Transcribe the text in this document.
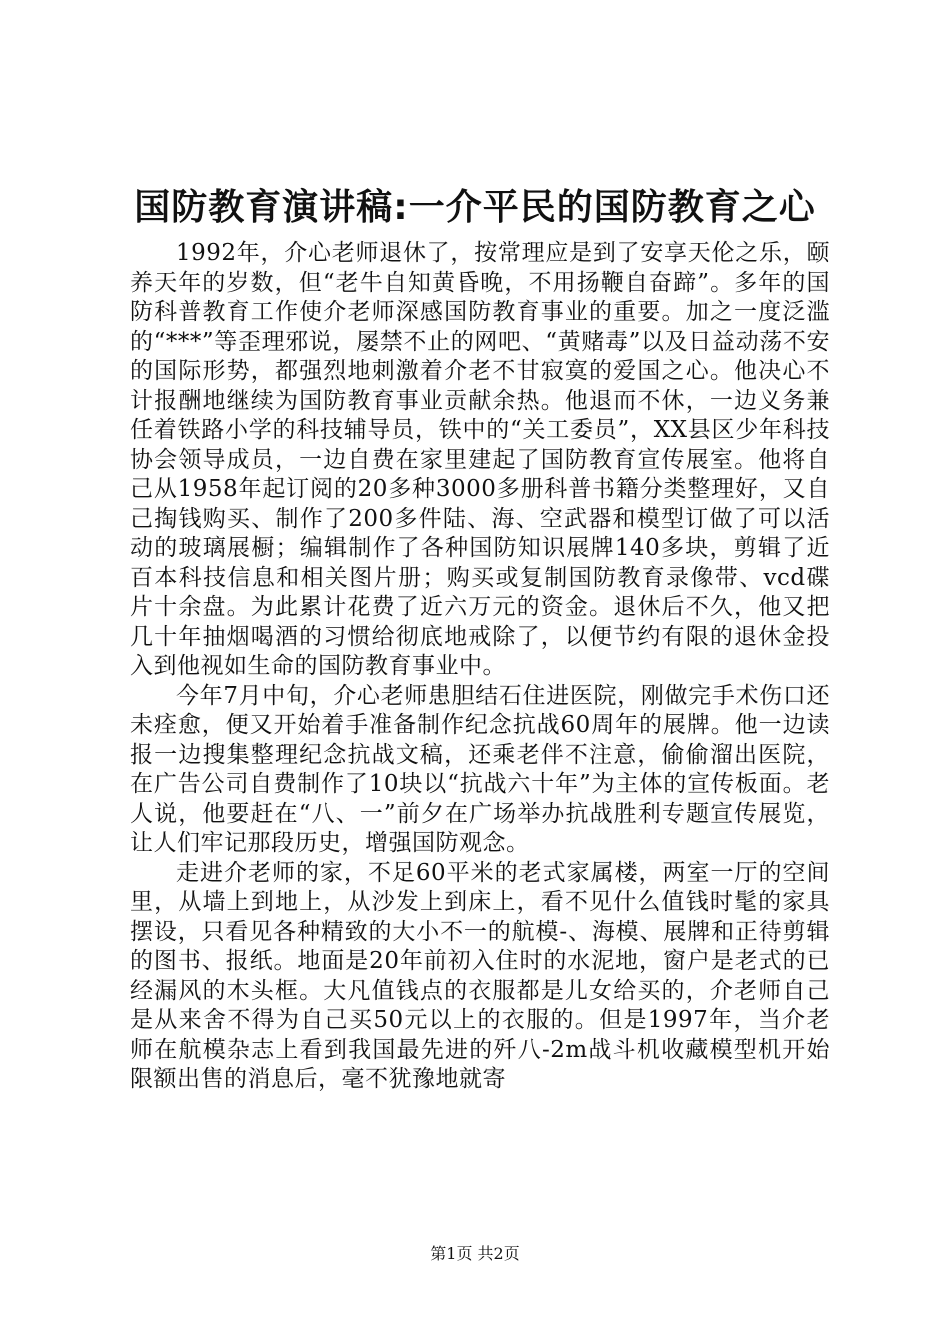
国防教育演讲稿:一介平民的国防教育之心

1992年，介心老师退休了，按常理应是到了安享天伦之乐，颐养天年的岁数，但“老牛自知黄昏晚，不用扬鞭自奋蹄”。多年的国防科普教育工作使介老师深感国防教育事业的重要。加之一度泛滥的“***”等歪理邪说，屡禁不止的网吧、“黄赌毒”以及日益动荡不安的国际形势，都强烈地刺激着介老不甘寂寞的爱国之心。他决心不计报酬地继续为国防教育事业贡献余热。他退而不休，一边义务兼任着铁路小学的科技辅导员，铁中的“关工委员”，XX县区少年科技协会领导成员，一边自费在家里建起了国防教育宣传展室。他将自己从1958年起订阅的20多种3000多册科普书籍分类整理好，又自己掏钱购买、制作了200多件陆、海、空武器和模型订做了可以活动的玻璃展橱；编辑制作了各种国防知识展牌140多块，剪辑了近百本科技信息和相关图片册；购买或复制国防教育录像带、vcd碟片十余盘。为此累计花费了近六万元的资金。退休后不久，他又把几十年抽烟喝酒的习惯给彻底地戒除了，以便节约有限的退休金投入到他视如生命的国防教育事业中。

今年7月中旬，介心老师患胆结石住进医院，刚做完手术伤口还未痊愈，便又开始着手准备制作纪念抗战60周年的展牌。他一边读报一边搜集整理纪念抗战文稿，还乘老伴不注意，偷偷溜出医院，在广告公司自费制作了10块以“抗战六十年”为主体的宣传板面。老人说，他要赶在“八、一”前夕在广场举办抗战胜利专题宣传展览，让人们牢记那段历史，增强国防观念。

走进介老师的家，不足60平米的老式家属楼，两室一厅的空间里，从墙上到地上，从沙发上到床上，看不见什么值钱时髦的家具摆设，只看见各种精致的大小不一的航模-、海模、展牌和正待剪辑的图书、报纸。地面是20年前初入住时的水泥地，窗户是老式的已经漏风的木头框。大凡值钱点的衣服都是儿女给买的，介老师自己是从来舍不得为自己买50元以上的衣服的。但是1997年，当介老师在航模杂志上看到我国最先进的歼八-2m战斗机收藏模型机开始限额出售的消息后，毫不犹豫地就寄

第1页 共2页
